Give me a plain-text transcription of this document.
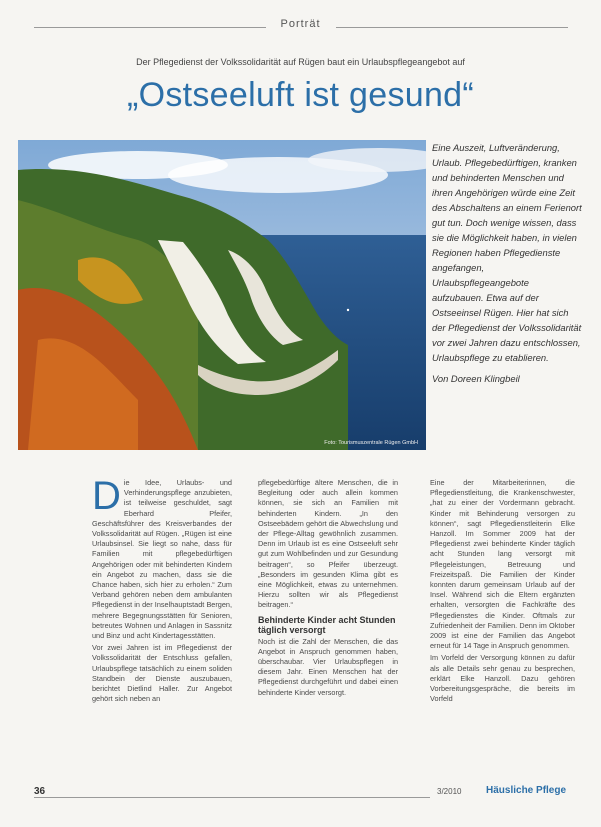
Porträt
Der Pflegedienst der Volkssolidarität auf Rügen baut ein Urlaubspflegeangebot auf
„Ostseeluft ist gesund“
Foto: Tourismuszentrale Rügen GmbH

Eine Auszeit, Luftveränderung, Urlaub. Pflegebedürftigen, kranken und behinderten Menschen und ihren Angehörigen würde eine Zeit des Abschaltens an einem Ferienort gut tun. Doch wenige wissen, dass sie die Möglichkeit haben, in vielen Regionen haben Pflegedienste angefangen, Urlaubspflegeangebote aufzubauen. Etwa auf der Ostseeinsel Rügen. Hier hat sich der Pflegedienst der Volkssolidarität vor zwei Jahren dazu entschlossen, Urlaubspflege zu etablieren.

Von Doreen Klingbeil

Die Idee, Urlaubs- und Verhinderungspflege anzubieten, ist teilweise geschuldet, sagt Eberhard Pfeifer, Geschäftsführer des Kreisverbandes der Volkssolidarität auf Rügen. „Rügen ist eine Urlaubsinsel. Sie liegt so nahe, dass für Familien mit pflegebedürftigen Angehörigen oder mit behinderten Kindern ein Angebot zu machen, dass sie die Chance haben, sich hier zu erholen.“ Zum Verband gehören neben dem ambulanten Pflegedienst in der Inselhauptstadt Bergen, mehrere Begegnungsstätten für Senioren, betreutes Wohnen und Anlagen in Sassnitz und Binz und acht Kindertagesstätten.

Vor zwei Jahren ist im Pflegedienst der Volkssolidarität der Entschluss gefallen, Urlaubspflege tatsächlich zu einem soliden Standbein der Dienste auszubauen, berichtet Dietlind Haller. Zur Angebot gehört sich neben an

pflegebedürftige ältere Menschen, die in Begleitung oder auch allein kommen können, sie sich an Familien mit behinderten Kindern. „In den Ostseebädern gehört die Abwechslung und der Pflege-Alltag gewöhnlich zusammen. Denn im Urlaub ist es eine Ostseeluft sehr gut zum Wohlbefinden und zur Gesundung beitragen“, so Pfeifer überzeugt. „Besonders im gesunden Klima gibt es eine Möglichkeit, etwas zu unternehmen. Hierzu sollten wir als Pflegedienst beitragen.“

Behinderte Kinder acht Stunden täglich versorgt

Noch ist die Zahl der Menschen, die das Angebot in Anspruch genommen haben, überschaubar. Vier Urlaubspflegen in diesem Jahr. Einen Menschen hat der Pflegedienst durchgeführt und dabei einen behinderte Kinder versorgt.

Eine der Mitarbeiterinnen, die Pflegedienstleitung, die Krankenschwester, „hat zu einer der Vordermann gebracht. Kinder mit Behinderung versorgen zu können“, sagt Pflegedienstleiterin Elke Hanzoll. Im Sommer 2009 hat der Pflegedienst zwei behinderte Kinder täglich acht Stunden lang versorgt mit Pflegeleistungen, Betreuung und Freizeitspaß. Die Familien der Kinder konnten darum gemeinsam Urlaub auf der Insel. Während sich die Eltern ergänzten erhalten, versorgten die Fachkräfte des Pflegedienstes die Kinder. Oftmals zur Zufriedenheit der Familien. Denn im Oktober 2009 ist eine der Familien das Angebot erneut für 14 Tage in Anspruch genommen.

Im Vorfeld der Versorgung können zu dafür als alle Details sehr genau zu besprechen, erklärt Elke Hanzoll. Dazu gehören Vorbereitungsgespräche, die bereits im Vorfeld

36	3/2010 Häusliche Pflege
